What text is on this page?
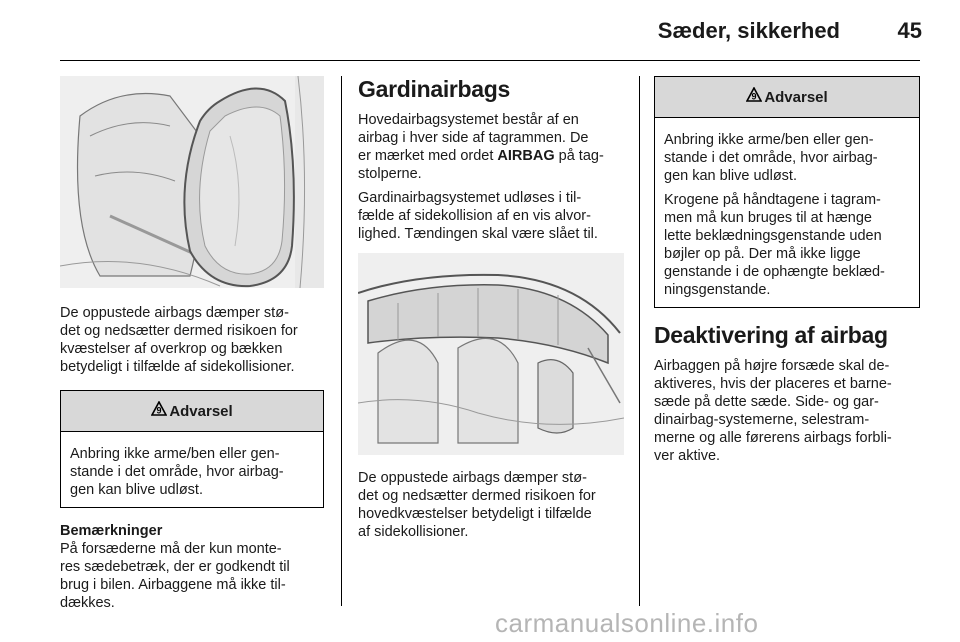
Sæder, sikkerhed	45

De oppustede airbags dæmper stø-
det og nedsætter dermed risikoen for
kvæstelser af overkrop og bækken
betydeligt i tilfælde af sidekollisioner.

9 Advarsel

Anbring ikke arme/ben eller gen-
stande i det område, hvor airbag-
gen kan blive udløst.

Bemærkninger
På forsæderne må der kun monte-
res sædebetræk, der er godkendt til
brug i bilen. Airbaggene må ikke til-
dækkes.

Gardinairbags

Hovedairbagsystemet består af en
airbag i hver side af tagrammen. De
er mærket med ordet AIRBAG på tag-
stolperne.

Gardinairbagsystemet udløses i til-
fælde af sidekollision af en vis alvor-
lighed. Tændingen skal være slået til.

De oppustede airbags dæmper stø-
det og nedsætter dermed risikoen for
hovedkvæstelser betydeligt i tilfælde
af sidekollisioner.

9 Advarsel

Anbring ikke arme/ben eller gen-
stande i det område, hvor airbag-
gen kan blive udløst.

Krogene på håndtagene i tagram-
men må kun bruges til at hænge
lette beklædningsgenstande uden
bøjler op på. Der må ikke ligge
genstande i de ophængte beklæd-
ningsgenstande.

Deaktivering af airbag

Airbaggen på højre forsæde skal de-
aktiveres, hvis der placeres et barne-
sæde på dette sæde. Side- og gar-
dinairbag-systemerne, selestram-
merne og alle førerens airbags forbli-
ver aktive.

carmanualsonline.info
